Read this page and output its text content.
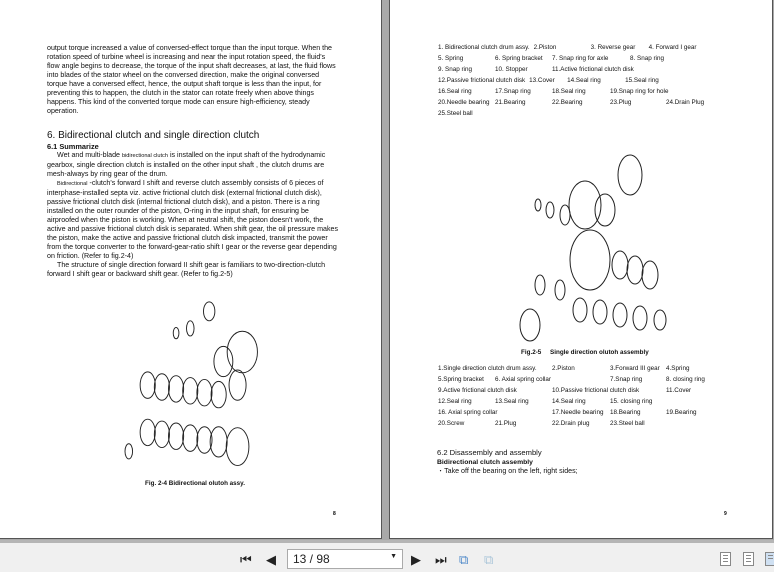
output torque increased a value of conversed-effect torque than the input torque. When the rotation speed of turbine wheel is increasing and near the input rotation speed, the fluid's flow angle begins to decrease, the torque of the input shaft decreases, at last, the fluid flows into blades of the stator wheel on the conversed direction, make the original conversed torque have a conversed effect, hence, the output shaft torque is less than the input, for preventing this to happen, the clutch in the stator can rotate freely when above things happens. This kind of the converted torque mode can ensure high-efficiency, steady operation.
6. Bidirectional clutch and single direction clutch
6.1 Summarize
Wet and multi-blade bidirectional clutch is installed on the input shaft of the hydrodynamic gearbox, single direction clutch is installed on the other input shaft , the clutch drums are mesh-always by ring gear of the drum.
Bidirectional -clutch's forward I shift and reverse clutch assembly consists of 6 pieces of interphase-installed septa viz. active frictional clutch disk (external frictional clutch disk), passive frictional clutch disk (internal frictional clutch disk), and a piston. There is a ring installed on the outer rounder of the piston, O-ring in the input shaft, for ensuring be airproofed when the piston is working. When at neutral shift, the piston doesn't work, the active and passive frictional clutch disk is separated. When shift gear, the oil pressure makes the piston, make the active and passive frictional clutch disk impacted, transmit the power from the torque converter to the forward-gear-ratio shift I gear or the reverse gear depending on friction. (Refer to fig.2-4)
The structure of single direction forward II shift gear is familiars to two-direction-clutch forward I shift gear or backward shift gear. (Refer to fig.2-5)
Fig. 2-4 Bidirectional olutoh assy.
8
1. Bidirectional clutch drum assy. 2.Piston	3. Reverse gear	4. Forward I gear
5. Spring	6. Spring bracket	7. Snap ring for axle	8. Snap ring
9. Snap ring	10. Stopper	11.Active frictional clutch disk
12.Passive frictional clutch disk 13.Cover	14.Seal ring	15.Seal ring
16.Seal ring	17.Snap ring	18.Seal ring	19.Snap ring for hole
20.Needle bearing 21.Bearing	22.Bearing	23.Plug	24.Drain Plug
25.Steel ball
Fig.2-5     Single direction olutoh assembly
1.Single direction clutch drum assy.	2.Piston	3.Forward III gear 4.Spring
5.Spring bracket	6. Axial spring collar	7.Snap ring	8. closing ring
9.Active frictional clutch disk	10.Passive frictional clutch disk	11.Cover
12.Seal ring	13.Seal ring	14.Seal ring	15. closing ring
16. Axial spring collar	17.Needle bearing	18.Bearing	19.Bearing
20.Screw	21.Plug	22.Drain plug	23.Steel ball
6.2 Disassembly and assembly
Bidirectional clutch assembly
・Take off the bearing on the left, right sides;
9
⏮ ◀	13 / 98	▼ ▶ ⏭ ⧉ ⧉
